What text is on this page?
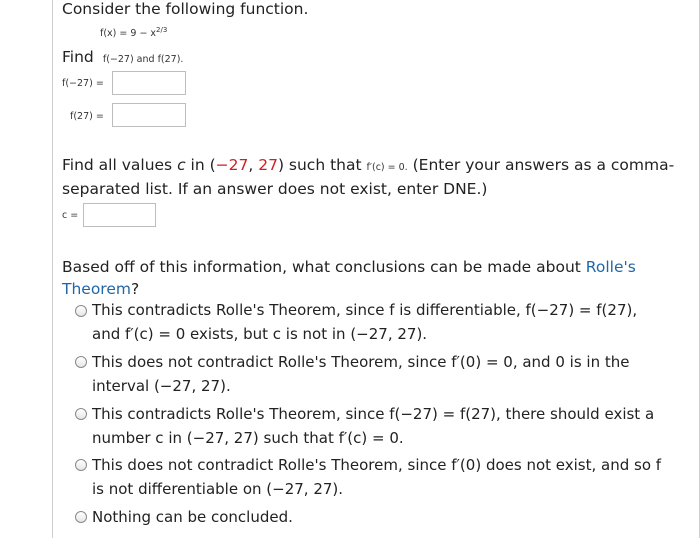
Consider the following function.
$f(x) = 9 - x^{2/3}$
Find f(−27) and f(27).
f(−27) =
f(27) =
Find all values c in (−27, 27) such that f′(c) = 0. (Enter your answers as a comma-
separated list. If an answer does not exist, enter DNE.)
c =
Based off of this information, what conclusions can be made about Rolle's
Theorem?
This contradicts Rolle's Theorem, since f is differentiable, f(−27) = f(27),
and f′(c) = 0 exists, but c is not in (−27, 27).
This does not contradict Rolle's Theorem, since f′(0) = 0, and 0 is in the
interval (−27, 27).
This contradicts Rolle's Theorem, since f(−27) = f(27), there should exist a
number c in (−27, 27) such that f′(c) = 0.
This does not contradict Rolle's Theorem, since f′(0) does not exist, and so f
is not differentiable on (−27, 27).
Nothing can be concluded.
